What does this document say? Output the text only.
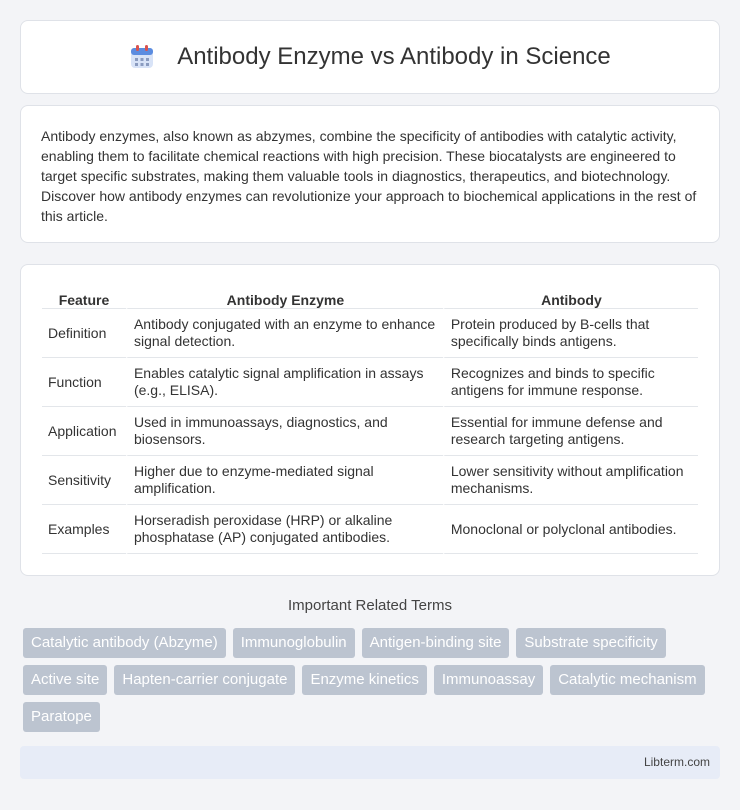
Antibody Enzyme vs Antibody in Science

Antibody enzymes, also known as abzymes, combine the specificity of antibodies with catalytic activity, enabling them to facilitate chemical reactions with high precision. These biocatalysts are engineered to target specific substrates, making them valuable tools in diagnostics, therapeutics, and biotechnology. Discover how antibody enzymes can revolutionize your approach to biochemical applications in the rest of this article.

Feature	Antibody Enzyme	Antibody
Definition	Antibody conjugated with an enzyme to enhance signal detection.	Protein produced by B-cells that specifically binds antigens.
Function	Enables catalytic signal amplification in assays (e.g., ELISA).	Recognizes and binds to specific antigens for immune response.
Application	Used in immunoassays, diagnostics, and biosensors.	Essential for immune defense and research targeting antigens.
Sensitivity	Higher due to enzyme-mediated signal amplification.	Lower sensitivity without amplification mechanisms.
Examples	Horseradish peroxidase (HRP) or alkaline phosphatase (AP) conjugated antibodies.	Monoclonal or polyclonal antibodies.
Important Related Terms
Catalytic antibody (Abzyme)	Immunoglobulin	Antigen-binding site	Substrate specificity
Active site	Hapten-carrier conjugate	Enzyme kinetics	Immunoassay	Catalytic mechanism
Paratope
Libterm.com
